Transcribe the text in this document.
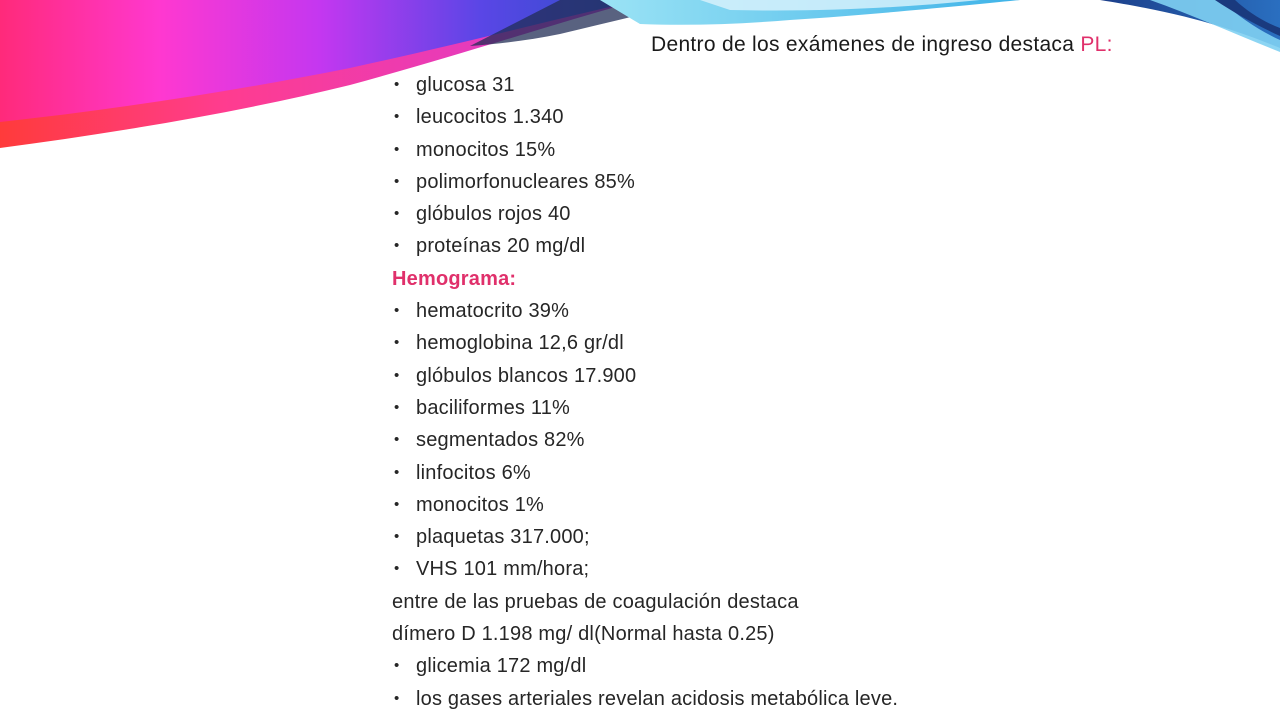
Dentro de los exámenes de ingreso destaca PL:
• glucosa 31
• leucocitos 1.340
• monocitos 15%
• polimorfonucleares 85%
• glóbulos rojos 40
• proteínas 20 mg/dl
Hemograma:
• hematocrito 39%
• hemoglobina 12,6 gr/dl
• glóbulos blancos 17.900
• baciliformes 11%
• segmentados 82%
• linfocitos 6%
• monocitos 1%
• plaquetas 317.000;
• VHS 101 mm/hora;
entre de las pruebas de coagulación destaca
dímero D 1.198 mg/ dl(Normal hasta 0.25)
• glicemia 172 mg/dl
• los gases arteriales revelan acidosis metabólica leve.
